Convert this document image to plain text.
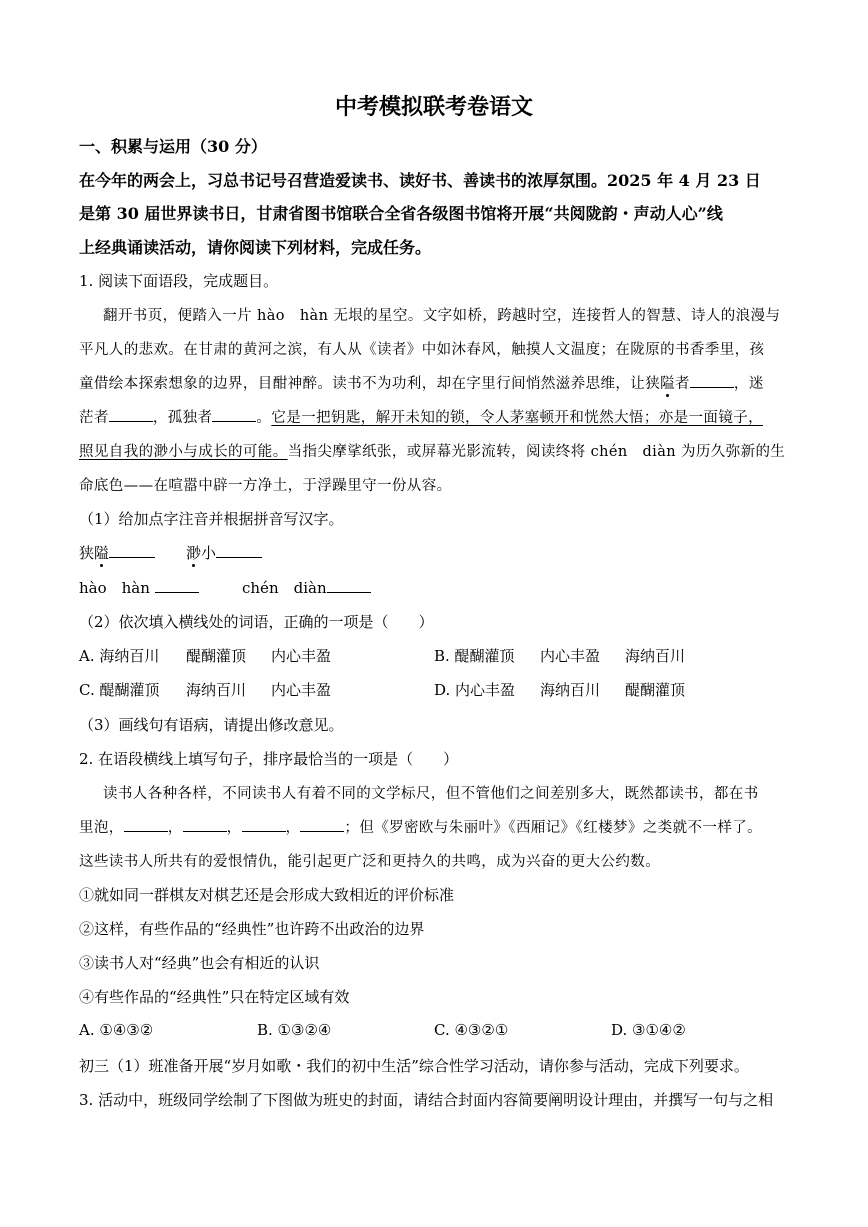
中考模拟联考卷语文
一、积累与运用（30 分）
在今年的两会上，习总书记号召营造爱读书、读好书、善读书的浓厚氛围。2025 年 4 月 23 日
是第 30 届世界读书日，甘肃省图书馆联合全省各级图书馆将开展“共阅陇韵・声动人心”线
上经典诵读活动，请你阅读下列材料，完成任务。
1. 阅读下面语段，完成题目。
翻开书页，便踏入一片 hào　hàn 无垠的星空。文字如桥，跨越时空，连接哲人的智慧、诗人的浪漫与
平凡人的悲欢。在甘肃的黄河之滨，有人从《读者》中如沐春风，触摸人文温度；在陇原的书香季里，孩
童借绘本探索想象的边界，目酣神醉。读书不为功利，却在字里行间悄然滋养思维，让狭隘者	，迷
茫者	，孤独者	。它是一把钥匙，解开未知的锁，令人茅塞顿开和恍然大悟；亦是一面镜子，
照见自我的渺小与成长的可能。当指尖摩挲纸张，或屏幕光影流转，阅读终将 chén　diàn 为历久弥新的生
命底色——在喧嚣中辟一方净土，于浮躁里守一份从容。
（1）给加点字注音并根据拼音写汉字。
狭隘	渺小
hào　hàn	chén　diàn
（2）依次填入横线处的词语，正确的一项是（　　）
A. 海纳百川 醍醐灌顶 内心丰盈	B. 醍醐灌顶 内心丰盈 海纳百川
C. 醍醐灌顶 海纳百川 内心丰盈	D. 内心丰盈 海纳百川 醍醐灌顶
（3）画线句有语病，请提出修改意见。
2. 在语段横线上填写句子，排序最恰当的一项是（　　）
读书人各种各样，不同读书人有着不同的文学标尺，但不管他们之间差别多大，既然都读书，都在书
里泡，	，	，	，	；但《罗密欧与朱丽叶》《西厢记》《红楼梦》之类就不一样了。
这些读书人所共有的爱恨情仇，能引起更广泛和更持久的共鸣，成为兴奋的更大公约数。
①就如同一群棋友对棋艺还是会形成大致相近的评价标准
②这样，有些作品的“经典性”也许跨不出政治的边界
③读书人对“经典”也会有相近的认识
④有些作品的“经典性”只在特定区域有效
A. ①④③②	B. ①③②④	C. ④③②①	D. ③①④②
初三（1）班准备开展“岁月如歌・我们的初中生活”综合性学习活动，请你参与活动，完成下列要求。
3. 活动中，班级同学绘制了下图做为班史的封面，请结合封面内容简要阐明设计理由，并撰写一句与之相
